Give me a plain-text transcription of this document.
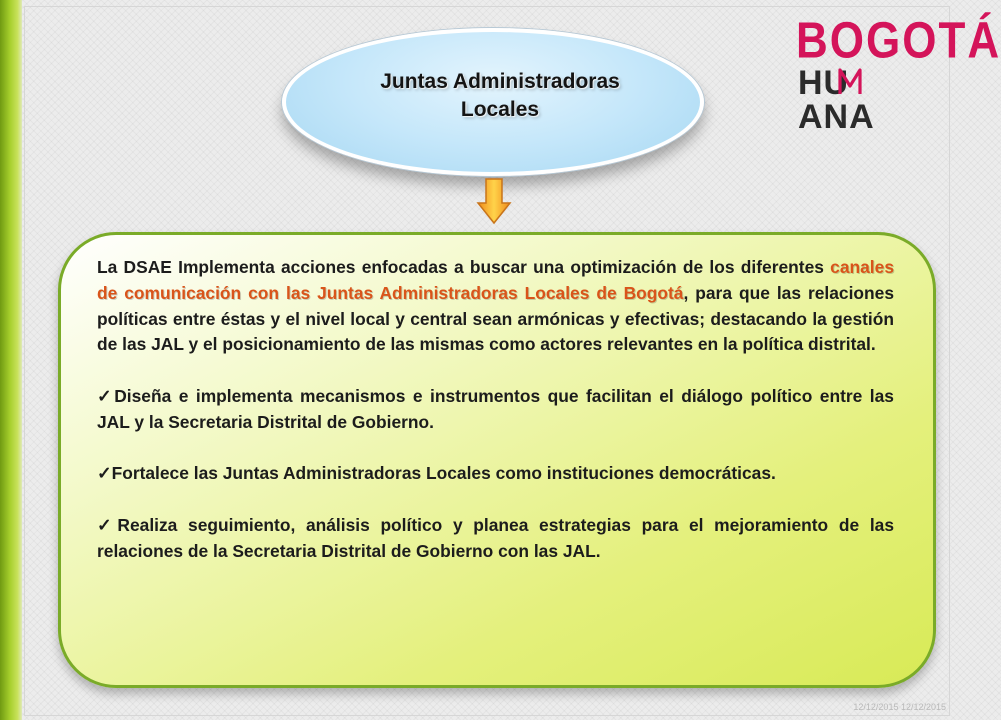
Juntas Administradoras
Locales
BOGOTÁ
HUANA

La DSAE Implementa acciones enfocadas a buscar una optimización de los diferentes canales de comunicación con las Juntas Administradoras Locales de Bogotá, para que las relaciones políticas entre éstas y el nivel local y central sean armónicas y efectivas; destacando la gestión de las JAL y el posicionamiento de las mismas como actores relevantes en la política distrital.

✓Diseña e implementa mecanismos e instrumentos que facilitan el diálogo político entre las JAL y la Secretaria Distrital de Gobierno.

✓Fortalece las Juntas Administradoras Locales como instituciones democráticas.

✓Realiza seguimiento, análisis político y planea estrategias para el mejoramiento de las relaciones de la Secretaria Distrital de Gobierno con las JAL.

12/12/2015 12/12/2015
